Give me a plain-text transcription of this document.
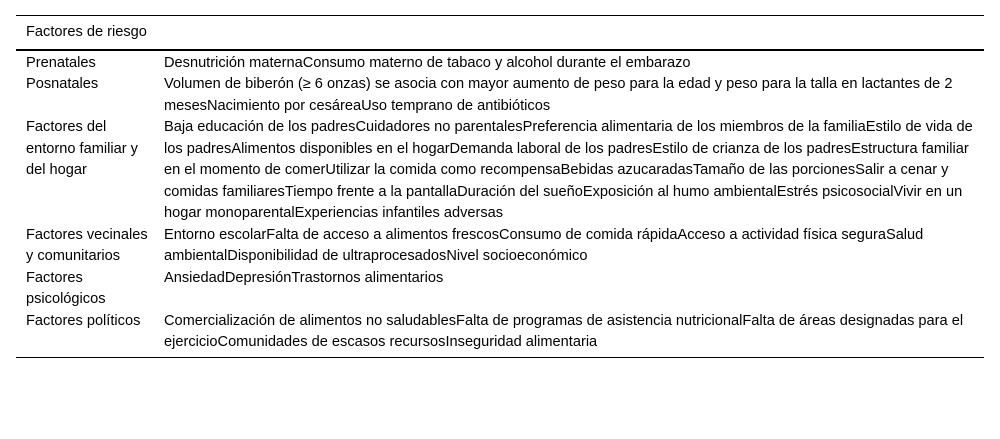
Factores de riesgo	
Prenatales	Desnutrición maternaConsumo materno de tabaco y alcohol durante el embarazo
Posnatales	Volumen de biberón (≥ 6 onzas) se asocia con mayor aumento de peso para la edad y peso para la talla en lactantes de 2 mesesNacimiento por cesáreaUso temprano de antibióticos
Factores del entorno familiar y del hogar	Baja educación de los padresCuidadores no parentalesPreferencia alimentaria de los miembros de la familiaEstilo de vida de los padresAlimentos disponibles en el hogarDemanda laboral de los padresEstilo de crianza de los padresEstructura familiar en el momento de comerUtilizar la comida como recompensaBebidas azucaradasTamaño de las porcionesSalir a cenar y comidas familiaresTiempo frente a la pantallaDuración del sueñoExposición al humo ambientalEstrés psicosocialVivir en un hogar monoparentalExperiencias infantiles adversas
Factores vecinales y comunitarios	Entorno escolarFalta de acceso a alimentos frescosConsumo de comida rápidaAcceso a actividad física seguraSalud ambientalDisponibilidad de ultraprocesadosNivel socioeconómico
Factores psicológicos	AnsiedadDepresiónTrastornos alimentarios
Factores políticos	Comercialización de alimentos no saludablesFalta de programas de asistencia nutricionalFalta de áreas designadas para el ejercicioComunidades de escasos recursosInseguridad alimentaria
